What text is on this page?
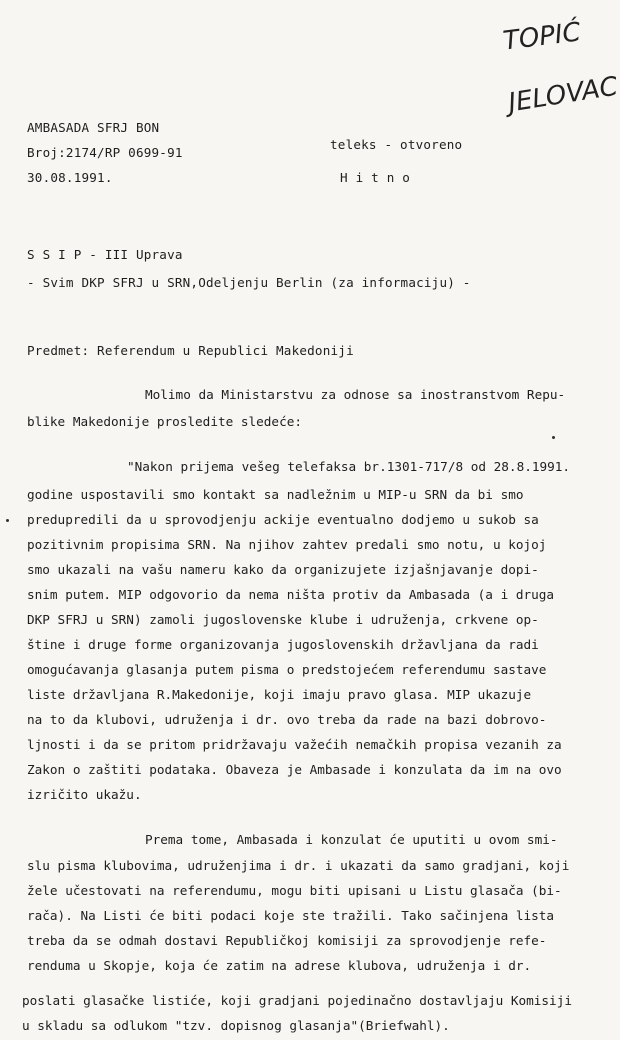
TOPIĆ
JELOVAC
AMBASADA SFRJ BON
Broj:2174/RP 0699-91
30.08.1991.
teleks - otvoreno
H i t n o
S S I P - III Uprava
- Svim DKP SFRJ u SRN,Odeljenju Berlin (za informaciju) -
Predmet: Referendum u Republici Makedoniji
Molimo da Ministarstvu za odnose sa inostranstvom Repu-
blike Makedonije prosledite sledeće:
"Nakon prijema vešeg telefaksa br.1301-717/8 od 28.8.1991.
godine uspostavili smo kontakt sa nadležnim u MIP-u SRN da bi smo
predupredili da u sprovodjenju ackije eventualno dodjemo u sukob sa
pozitivnim propisima SRN. Na njihov zahtev predali smo notu, u kojoj
smo ukazali na vašu nameru kako da organizujete izjašnjavanje dopi-
snim putem. MIP odgovorio da nema ništa protiv da Ambasada (a i druga
DKP SFRJ u SRN) zamoli jugoslovenske klube i udruženja, crkvene op-
štine i druge forme organizovanja jugoslovenskih državljana da radi
omogućavanja glasanja putem pisma o predstojećem referendumu sastave
liste državljana R.Makedonije, koji imaju pravo glasa. MIP ukazuje
na to da klubovi, udruženja i dr. ovo treba da rade na bazi dobrovo-
ljnosti i da se pritom pridržavaju važećih nemačkih propisa vezanih za
Zakon o zaštiti podataka. Obaveza je Ambasade i konzulata da im na ovo
izričito ukažu.
Prema tome, Ambasada i konzulat će uputiti u ovom smi-
slu pisma klubovima, udruženjima i dr. i ukazati da samo gradjani, koji
žele učestovati na referendumu, mogu biti upisani u Listu glasača (bi-
rača). Na Listi će biti podaci koje ste tražili. Tako sačinjena lista
treba da se odmah dostavi Republičkoj komisiji za sprovodjenje refe-
renduma u Skopje, koja će zatim na adrese klubova, udruženja i dr.
poslati glasačke listiće, koji gradjani pojedinačno dostavljaju Komisiji
u skladu sa odlukom "tzv. dopisnog glasanja"(Briefwahl).
